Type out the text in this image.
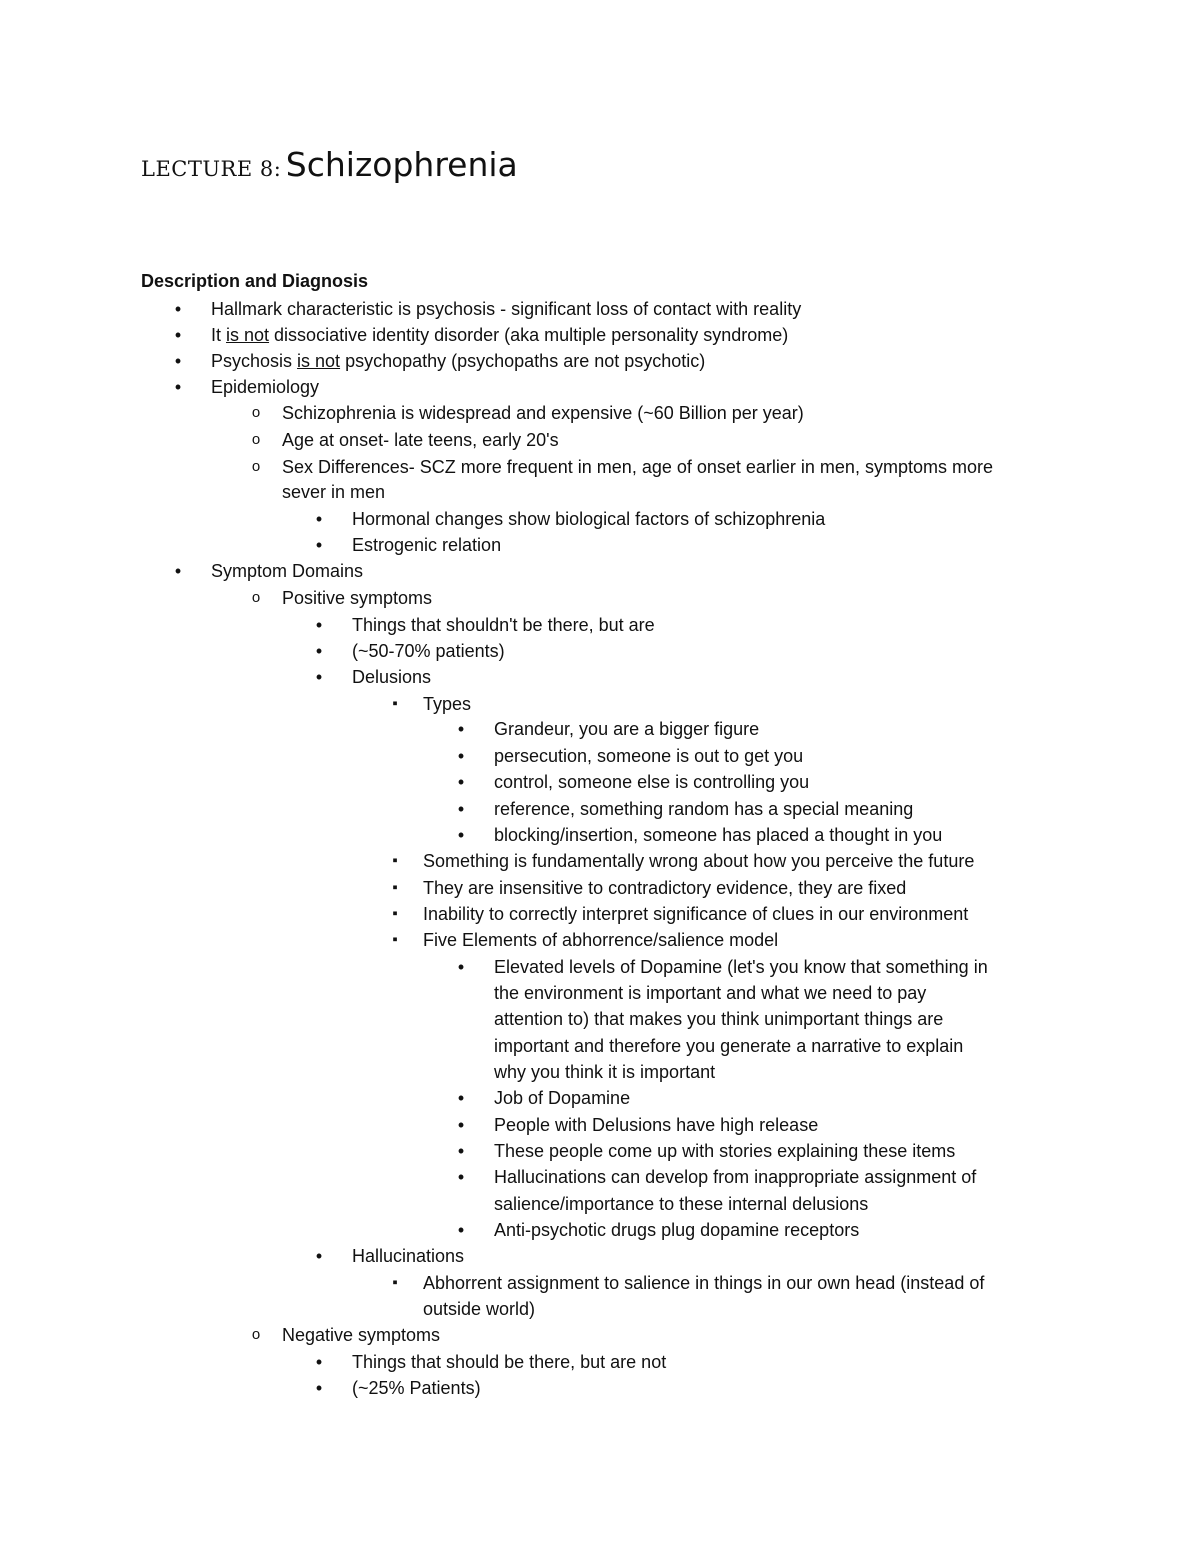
LECTURE 8: Schizophrenia
Description and Diagnosis
•
Hallmark characteristic is psychosis - significant loss of contact with reality
•
It is not dissociative identity disorder (aka multiple personality syndrome)
•
Psychosis is not psychopathy (psychopaths are not psychotic)
•
Epidemiology
o
Schizophrenia is widespread and expensive (~60 Billion per year)
o
Age at onset- late teens, early 20's
o
Sex Differences- SCZ more frequent in men, age of onset earlier in men, symptoms more
sever in men
•
Hormonal changes show biological factors of schizophrenia
•
Estrogenic relation
•
Symptom Domains
o
Positive symptoms
•
Things that shouldn't be there, but are
•
(~50-70% patients)
•
Delusions
▪
Types
•
Grandeur, you are a bigger figure
•
persecution, someone is out to get you
•
control, someone else is controlling you
•
reference, something random has a special meaning
•
blocking/insertion, someone has placed a thought in you
▪
Something is fundamentally wrong about how you perceive the future
▪
They are insensitive to contradictory evidence, they are fixed
▪
Inability to correctly interpret significance of clues in our environment
▪
Five Elements of abhorrence/salience model
•
Elevated levels of Dopamine (let's you know that something in
the environment is important and what we need to pay
attention to) that makes you think unimportant things are
important and therefore you generate a narrative to explain
why you think it is important
•
Job of Dopamine
•
People with Delusions have high release
•
These people come up with stories explaining these items
•
Hallucinations can develop from inappropriate assignment of
salience/importance to these internal delusions
•
Anti-psychotic drugs plug dopamine receptors
•
Hallucinations
▪
Abhorrent assignment to salience in things in our own head (instead of
outside world)
o
Negative symptoms
•
Things that should be there, but are not
•
(~25% Patients)
